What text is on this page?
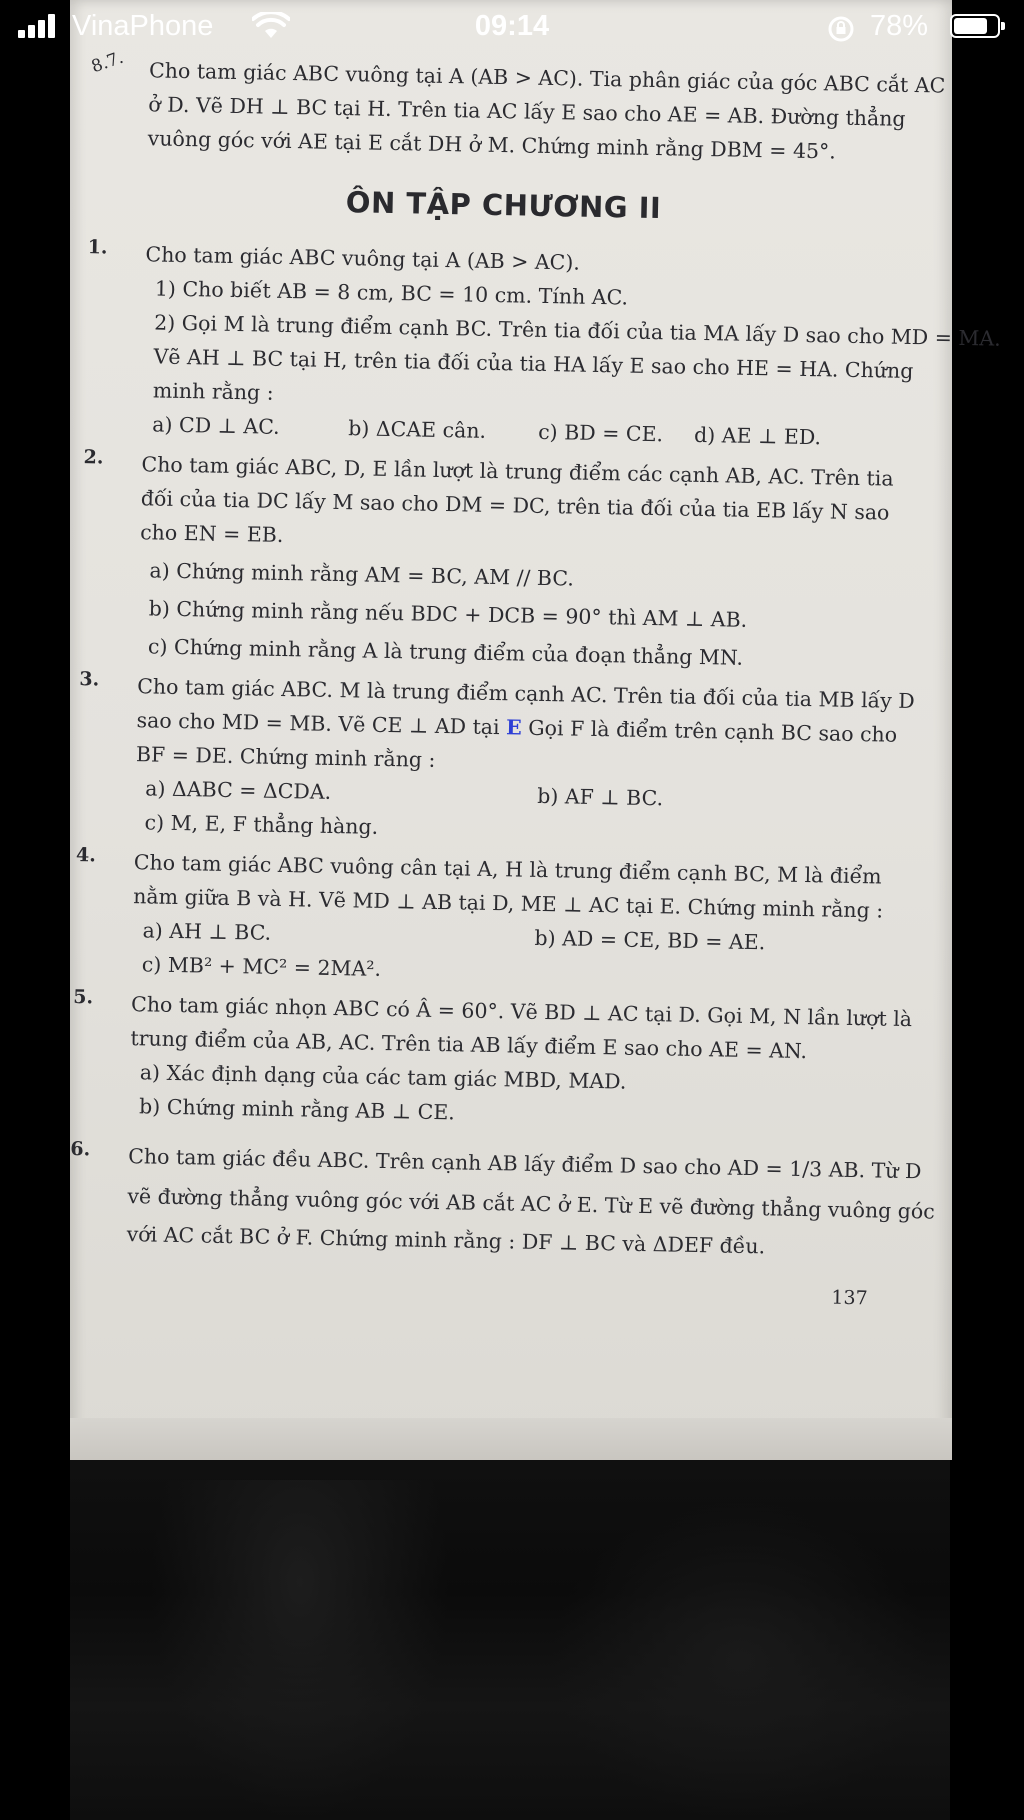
VinaPhone	09:14	78%
8.7. Cho tam giác ABC vuông tại A (AB > AC). Tia phân giác của góc ABC cắt AC
ở D. Vẽ DH ⊥ BC tại H. Trên tia AC lấy E sao cho AE = AB. Đường thẳng
vuông góc với AE tại E cắt DH ở M. Chứng minh rằng DBM = 45°.
ÔN TẬP CHƯƠNG II
1. Cho tam giác ABC vuông tại A (AB > AC).
1) Cho biết AB = 8 cm, BC = 10 cm. Tính AC.
2) Gọi M là trung điểm cạnh BC. Trên tia đối của tia MA lấy D sao cho MD = MA.
Vẽ AH ⊥ BC tại H, trên tia đối của tia HA lấy E sao cho HE = HA. Chứng
minh rằng :
a) CD ⊥ AC.	b) ΔCAE cân.	c) BD = CE.	d) AE ⊥ ED.
2. Cho tam giác ABC, D, E lần lượt là trung điểm các cạnh AB, AC. Trên tia
đối của tia DC lấy M sao cho DM = DC, trên tia đối của tia EB lấy N sao
cho EN = EB.
a) Chứng minh rằng AM = BC, AM // BC.
b) Chứng minh rằng nếu BDC + DCB = 90° thì AM ⊥ AB.
c) Chứng minh rằng A là trung điểm của đoạn thẳng MN.
3. Cho tam giác ABC. M là trung điểm cạnh AC. Trên tia đối của tia MB lấy D
sao cho MD = MB. Vẽ CE ⊥ AD tại E Gọi F là điểm trên cạnh BC sao cho
BF = DE. Chứng minh rằng :
a) ΔABC = ΔCDA.	b) AF ⊥ BC.
c) M, E, F thẳng hàng.
4. Cho tam giác ABC vuông cân tại A, H là trung điểm cạnh BC, M là điểm
nằm giữa B và H. Vẽ MD ⊥ AB tại D, ME ⊥ AC tại E. Chứng minh rằng :
a) AH ⊥ BC.	b) AD = CE, BD = AE.
c) MB² + MC² = 2MA².
5. Cho tam giác nhọn ABC có Â = 60°. Vẽ BD ⊥ AC tại D. Gọi M, N lần lượt là
trung điểm của AB, AC. Trên tia AB lấy điểm E sao cho AE = AN.
a) Xác định dạng của các tam giác MBD, MAD.
b) Chứng minh rằng AB ⊥ CE.
6. Cho tam giác đều ABC. Trên cạnh AB lấy điểm D sao cho AD = 1/3 AB. Từ D
vẽ đường thẳng vuông góc với AB cắt AC ở E. Từ E vẽ đường thẳng vuông góc
với AC cắt BC ở F. Chứng minh rằng : DF ⊥ BC và ΔDEF đều.
137
